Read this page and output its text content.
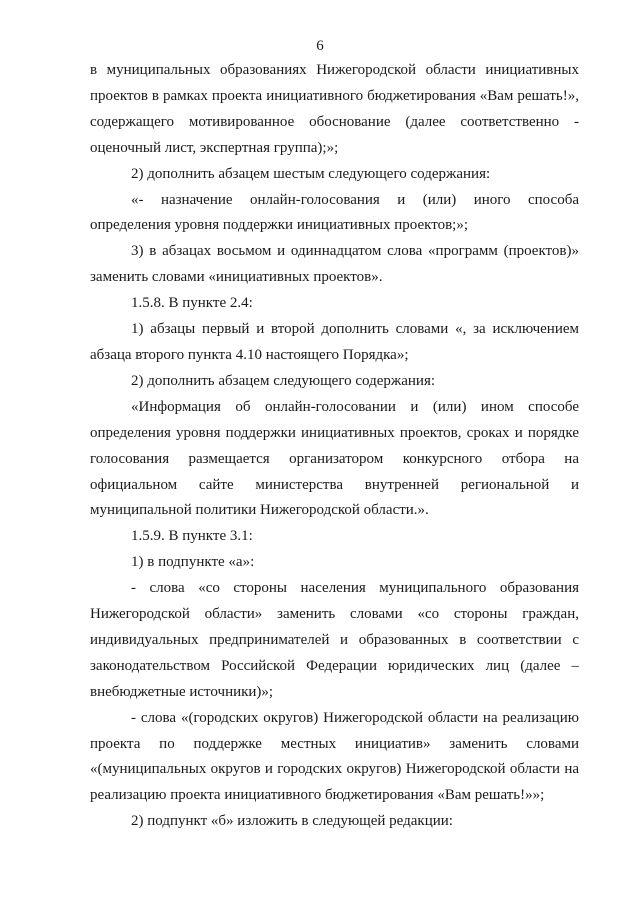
6

в муниципальных образованиях Нижегородской области инициативных проектов в рамках проекта инициативного бюджетирования «Вам решать!», содержащего мотивированное обоснование (далее соответственно - оценочный лист, экспертная группа);»;

2) дополнить абзацем шестым следующего содержания:

«- назначение онлайн-голосования и (или) иного способа определения уровня поддержки инициативных проектов;»;

3) в абзацах восьмом и одиннадцатом слова «программ (проектов)» заменить словами «инициативных проектов».

1.5.8. В пункте 2.4:

1) абзацы первый и второй дополнить словами «, за исключением абзаца второго пункта 4.10 настоящего Порядка»;

2) дополнить абзацем следующего содержания:

«Информация об онлайн-голосовании и (или) ином способе определения уровня поддержки инициативных проектов, сроках и порядке голосования размещается организатором конкурсного отбора на официальном сайте министерства внутренней региональной и муниципальной политики Нижегородской области.».

1.5.9. В пункте 3.1:

1) в подпункте «а»:

- слова «со стороны населения муниципального образования Нижегородской области» заменить словами «со стороны граждан, индивидуальных предпринимателей и образованных в соответствии с законодательством Российской Федерации юридических лиц (далее – внебюджетные источники)»;

- слова «(городских округов) Нижегородской области на реализацию проекта по поддержке местных инициатив» заменить словами «(муниципальных округов и городских округов) Нижегородской области на реализацию проекта инициативного бюджетирования «Вам решать!»»;

2) подпункт «б» изложить в следующей редакции:
